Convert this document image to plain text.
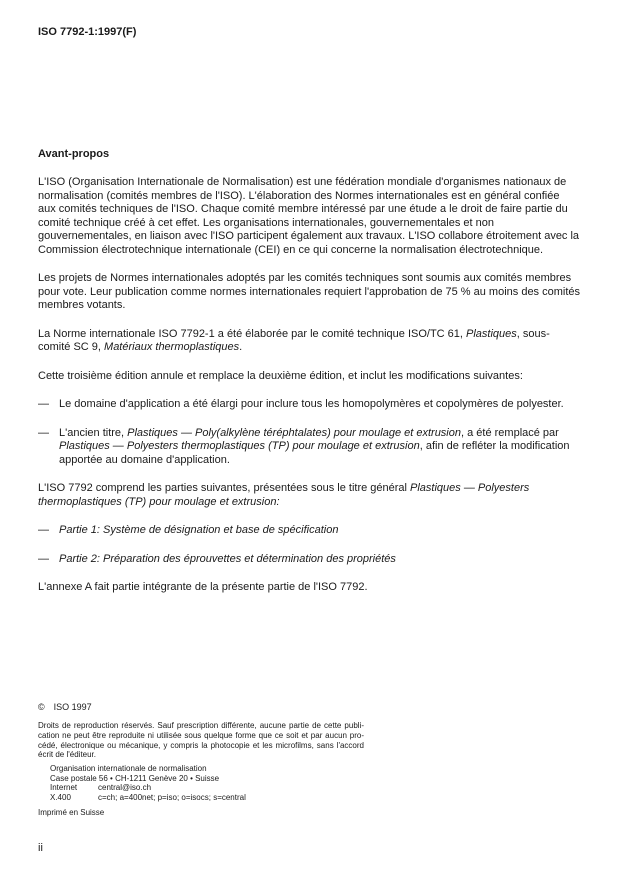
ISO 7792-1:1997(F)
Avant-propos

L'ISO (Organisation Internationale de Normalisation) est une fédération mondiale d'organismes nationaux de normalisation (comités membres de l'ISO). L'élaboration des Normes internationales est en général confiée aux comités techniques de l'ISO. Chaque comité membre intéressé par une étude a le droit de faire partie du comité technique créé à cet effet. Les organisations internationales, gouvernementales et non gouvernementales, en liaison avec l'ISO participent également aux travaux. L'ISO collabore étroitement avec la Commission électrotechnique internationale (CEI) en ce qui concerne la normalisation électrotechnique.

Les projets de Normes internationales adoptés par les comités techniques sont soumis aux comités membres pour vote. Leur publication comme normes internationales requiert l'approbation de 75 % au moins des comités membres votants.

La Norme internationale ISO 7792-1 a été élaborée par le comité technique ISO/TC 61, Plastiques, sous-comité SC 9, Matériaux thermoplastiques.

Cette troisième édition annule et remplace la deuxième édition, et inclut les modifications suivantes:

— Le domaine d'application a été élargi pour inclure tous les homopolymères et copolymères de polyester.
— L'ancien titre, Plastiques — Poly(alkylène téréphtalates) pour moulage et extrusion, a été remplacé par Plastiques — Polyesters thermoplastiques (TP) pour moulage et extrusion, afin de refléter la modification apportée au domaine d'application.

L'ISO 7792 comprend les parties suivantes, présentées sous le titre général Plastiques — Polyesters thermoplastiques (TP) pour moulage et extrusion:

— Partie 1: Système de désignation et base de spécification
— Partie 2: Préparation des éprouvettes et détermination des propriétés

L'annexe A fait partie intégrante de la présente partie de l'ISO 7792.

© ISO 1997
Droits de reproduction réservés. Sauf prescription différente, aucune partie de cette publi-
cation ne peut être reproduite ni utilisée sous quelque forme que ce soit et par aucun pro-
cédé, électronique ou mécanique, y compris la photocopie et les microfilms, sans l'accord
écrit de l'éditeur.
Organisation internationale de normalisation
Case postale 56 • CH-1211 Genève 20 • Suisse
Internet	central@iso.ch
X.400	c=ch; a=400net; p=iso; o=isocs; s=central
Imprimé en Suisse
ii
